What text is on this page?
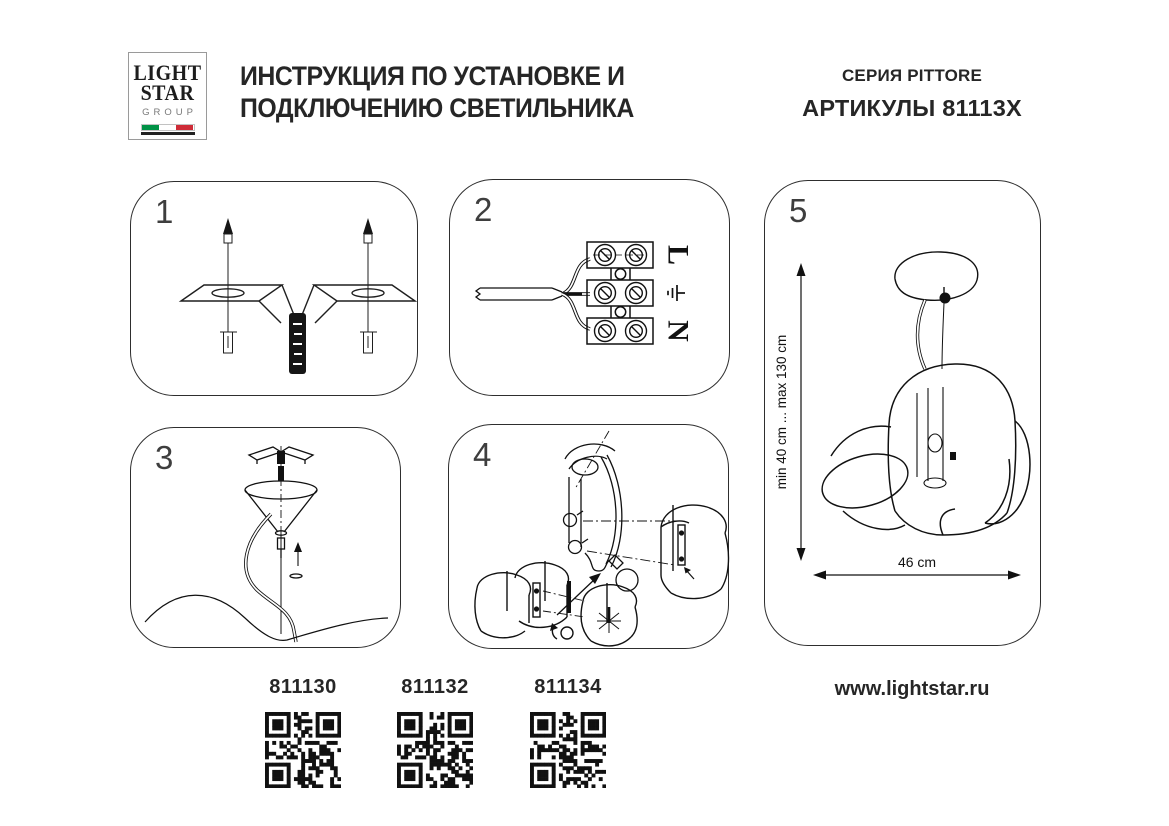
LIGHT
STAR
GROUP
ИНСТРУКЦИЯ ПО УСТАНОВКЕ И
ПОДКЛЮЧЕНИЮ СВЕТИЛЬНИКА
СЕРИЯ PITTORE
АРТИКУЛЫ 81113X
1	2
L
N
3	4
5
min 40 cm ... max 130 cm
46 cm
811130	811132	811134	www.lightstar.ru
